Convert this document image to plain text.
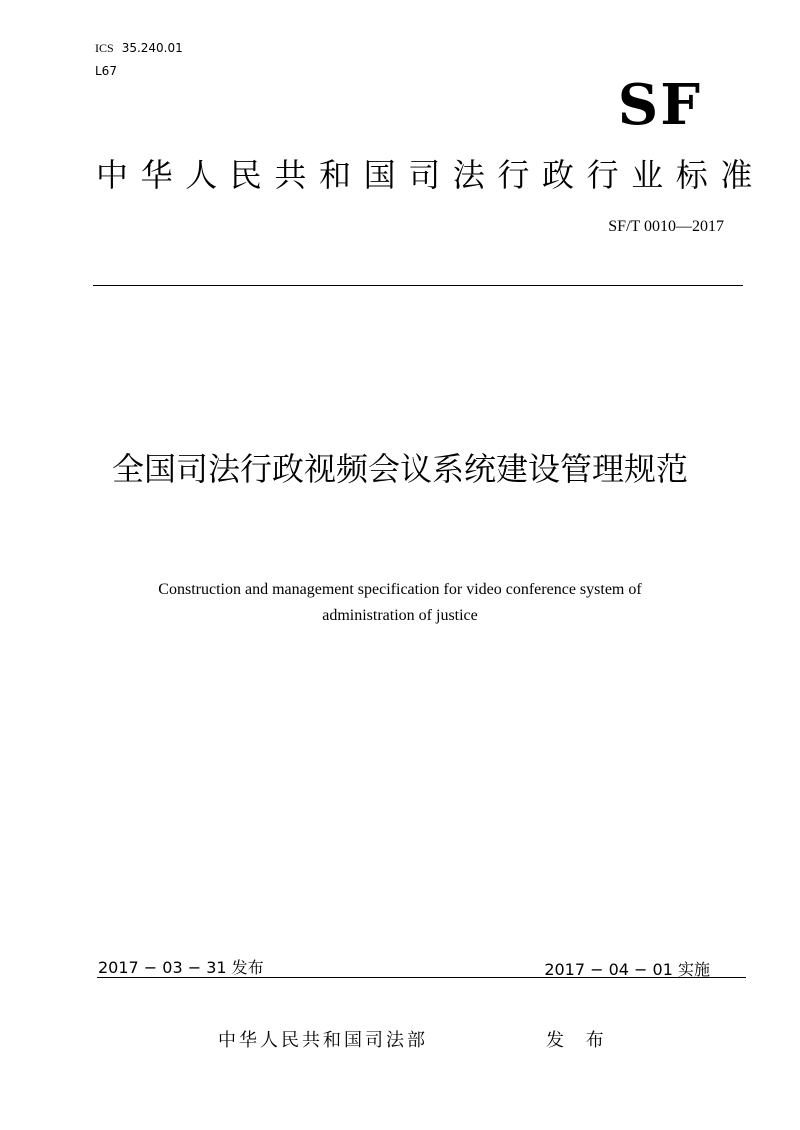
ICS 35.240.01
L67
SF
中华人民共和国司法行政行业标准
SF/T 0010—2017
全国司法行政视频会议系统建设管理规范
Construction and management specification for video conference system of
administration of justice
2017 − 03 − 31 发布	2017 − 04 − 01 实施
中华人民共和国司法部	发 布
